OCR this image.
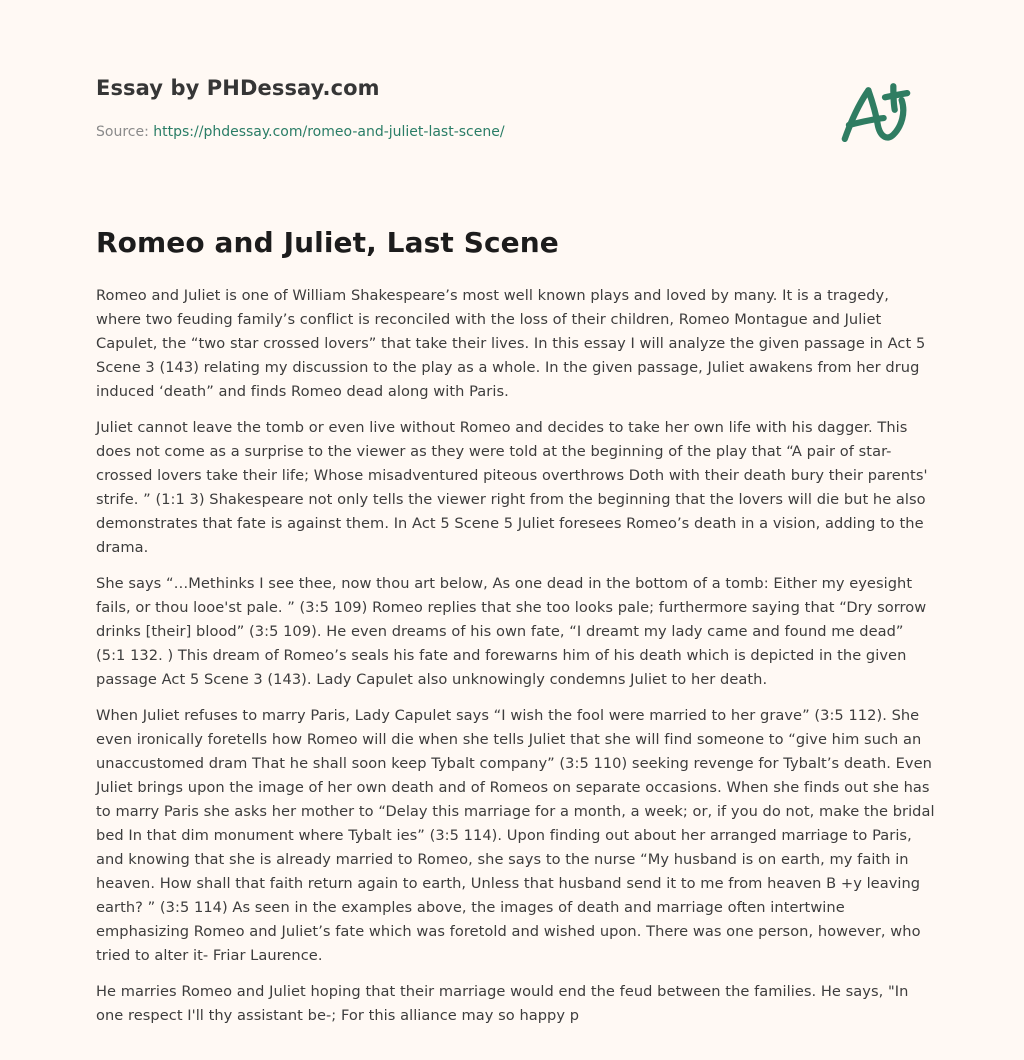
Essay by PHDessay.com
Source: https://phdessay.com/romeo-and-juliet-last-scene/
Romeo and Juliet, Last Scene

Romeo and Juliet is one of William Shakespeare’s most well known plays and loved by many. It is a tragedy, where two feuding family’s conflict is reconciled with the loss of their children, Romeo Montague and Juliet Capulet, the “two star crossed lovers” that take their lives. In this essay I will analyze the given passage in Act 5 Scene 3 (143) relating my discussion to the play as a whole. In the given passage, Juliet awakens from her drug induced ‘death” and finds Romeo dead along with Paris.

Juliet cannot leave the tomb or even live without Romeo and decides to take her own life with his dagger. This does not come as a surprise to the viewer as they were told at the beginning of the play that “A pair of star-crossed lovers take their life; Whose misadventured piteous overthrows Doth with their death bury their parents' strife. ” (1:1 3) Shakespeare not only tells the viewer right from the beginning that the lovers will die but he also demonstrates that fate is against them. In Act 5 Scene 5 Juliet foresees Romeo’s death in a vision, adding to the drama.

She says “…Methinks I see thee, now thou art below, As one dead in the bottom of a tomb: Either my eyesight fails, or thou looe'st pale. ” (3:5 109) Romeo replies that she too looks pale; furthermore saying that “Dry sorrow drinks [their] blood” (3:5 109). He even dreams of his own fate, “I dreamt my lady came and found me dead” (5:1 132. ) This dream of Romeo’s seals his fate and forewarns him of his death which is depicted in the given passage Act 5 Scene 3 (143). Lady Capulet also unknowingly condemns Juliet to her death.

When Juliet refuses to marry Paris, Lady Capulet says “I wish the fool were married to her grave” (3:5 112). She even ironically foretells how Romeo will die when she tells Juliet that she will find someone to “give him such an unaccustomed dram That he shall soon keep Tybalt company” (3:5 110) seeking revenge for Tybalt’s death. Even Juliet brings upon the image of her own death and of Romeos on separate occasions. When she finds out she has to marry Paris she asks her mother to “Delay this marriage for a month, a week; or, if you do not, make the bridal bed In that dim monument where Tybalt ies” (3:5 114). Upon finding out about her arranged marriage to Paris, and knowing that she is already married to Romeo, she says to the nurse “My husband is on earth, my faith in heaven. How shall that faith return again to earth, Unless that husband send it to me from heaven B +y leaving earth? ” (3:5 114) As seen in the examples above, the images of death and marriage often intertwine emphasizing Romeo and Juliet’s fate which was foretold and wished upon. There was one person, however, who tried to alter it- Friar Laurence.

He marries Romeo and Juliet hoping that their marriage would end the feud between the families. He says, "In one respect I'll thy assistant be-; For this alliance may so happy p
